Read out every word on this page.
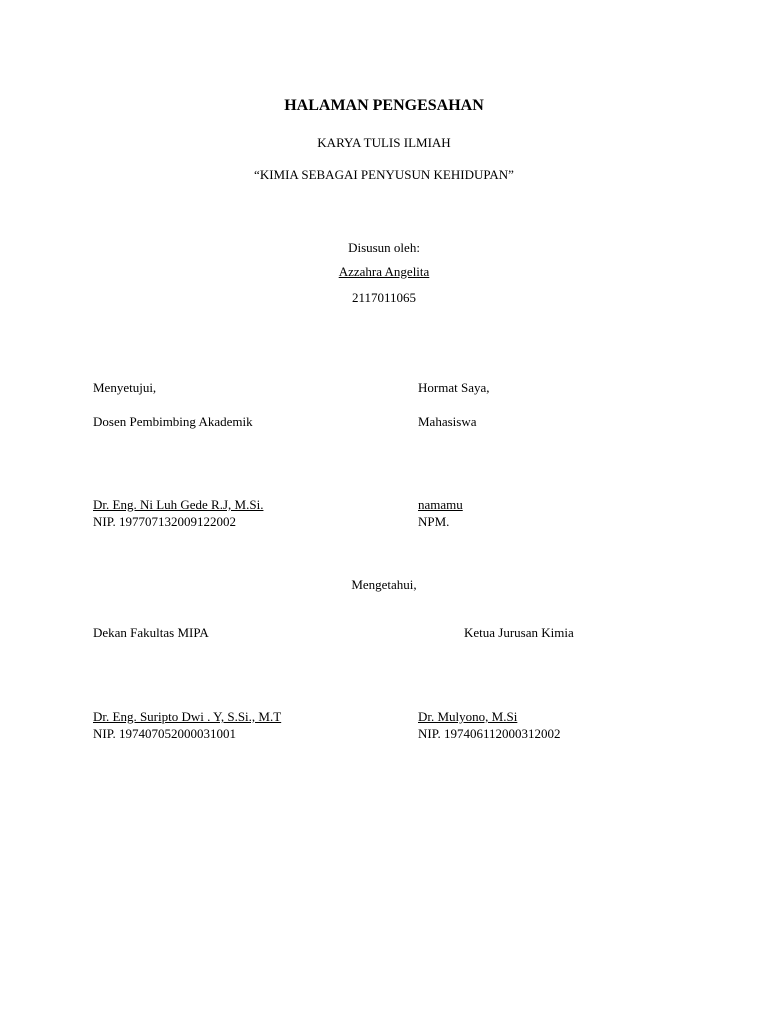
HALAMAN PENGESAHAN
KARYA TULIS ILMIAH
“KIMIA SEBAGAI PENYUSUN KEHIDUPAN”
Disusun oleh:
Azzahra Angelita
2117011065
Menyetujui,	Hormat Saya,
Dosen Pembimbing Akademik	Mahasiswa
Dr. Eng. Ni Luh Gede R.J, M.Si.	namamu
NIP. 197707132009122002	NPM.
Mengetahui,
Dekan Fakultas MIPA	Ketua Jurusan Kimia
Dr. Eng. Suripto Dwi . Y, S.Si., M.T	Dr. Mulyono, M.Si
NIP. 197407052000031001	NIP. 197406112000312002
